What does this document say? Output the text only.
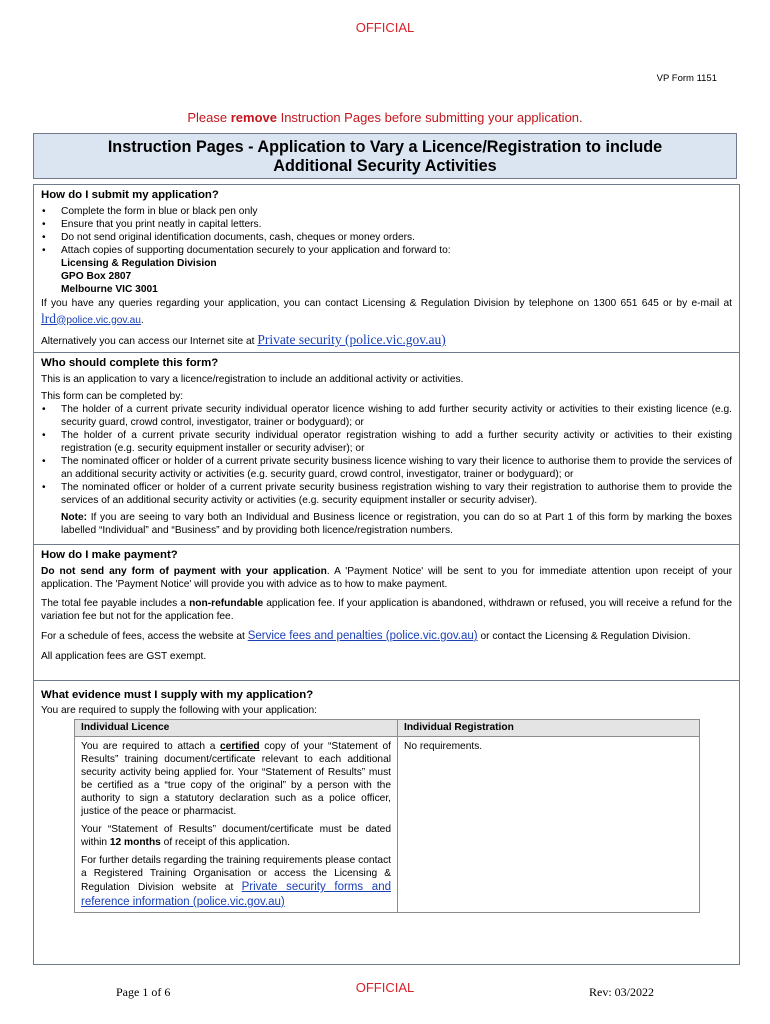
OFFICIAL
VP Form 1151
Please remove Instruction Pages before submitting your application.
Instruction Pages - Application to Vary a Licence/Registration to include
Additional Security Activities
How do I submit my application?
• Complete the form in blue or black pen only
• Ensure that you print neatly in capital letters.
• Do not send original identification documents, cash, cheques or money orders.
• Attach copies of supporting documentation securely to your application and forward to:
Licensing & Regulation Division
GPO Box 2807
Melbourne VIC 3001

If you have any queries regarding your application, you can contact Licensing & Regulation Division by telephone on 1300 651 645 or by e-mail at lrd@police.vic.gov.au.

Alternatively you can access our Internet site at Private security (police.vic.gov.au)

Who should complete this form?

This is an application to vary a licence/registration to include an additional activity or activities.

This form can be completed by:

• The holder of a current private security individual operator licence wishing to add further security activity or activities to their existing licence (e.g. security guard, crowd control, investigator, trainer or bodyguard); or
• The holder of a current private security individual operator registration wishing to add a further security activity or activities to their existing registration (e.g. security equipment installer or security adviser); or
• The nominated officer or holder of a current private security business licence wishing to vary their licence to authorise them to provide the services of an additional security activity or activities (e.g. security guard, crowd control, investigator, trainer or bodyguard); or
• The nominated officer or holder of a current private security business registration wishing to vary their registration to authorise them to provide the services of an additional security activity or activities (e.g. security equipment installer or security adviser).

Note: If you are seeing to vary both an Individual and Business licence or registration, you can do so at Part 1 of this form by marking the boxes labelled “Individual” and “Business” and by providing both licence/registration numbers.

How do I make payment?

Do not send any form of payment with your application. A 'Payment Notice' will be sent to you for immediate attention upon receipt of your application. The 'Payment Notice' will provide you with advice as to how to make payment.

The total fee payable includes a non-refundable application fee. If your application is abandoned, withdrawn or refused, you will receive a refund for the variation fee but not for the application fee.

For a schedule of fees, access the website at Service fees and penalties (police.vic.gov.au) or contact the Licensing & Regulation Division.

All application fees are GST exempt.

What evidence must I supply with my application?

You are required to supply the following with your application:

Individual Licence	Individual Registration

You are required to attach a certified copy of your “Statement of Results” training document/certificate relevant to each additional security activity being applied for. Your “Statement of Results” must be certified as a “true copy of the original” by a person with the authority to sign a statutory declaration such as a police officer, justice of the peace or pharmacist.

Your “Statement of Results” document/certificate must be dated within 12 months of receipt of this application.

For further details regarding the training requirements please contact a Registered Training Organisation or access the Licensing & Regulation Division website at Private security forms and reference information (police.vic.gov.au)	No requirements.
Page 1 of 6	OFFICIAL	Rev: 03/2022
